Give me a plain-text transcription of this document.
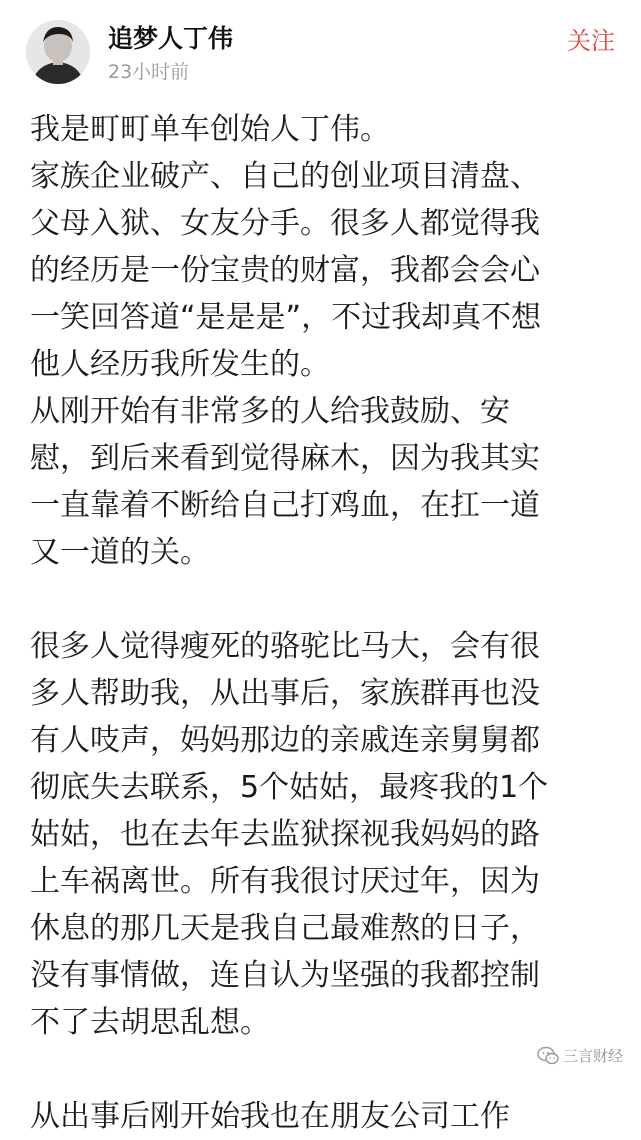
追梦人丁伟
23小时前
关注
我是町町单车创始人丁伟。
家族企业破产、自己的创业项目清盘、
父母入狱、女友分手。很多人都觉得我
的经历是一份宝贵的财富，我都会会心
一笑回答道“是是是”，不过我却真不想
他人经历我所发生的。
从刚开始有非常多的人给我鼓励、安
慰，到后来看到觉得麻木，因为我其实
一直靠着不断给自己打鸡血，在扛一道
又一道的关。
很多人觉得瘦死的骆驼比马大，会有很
多人帮助我，从出事后，家族群再也没
有人吱声，妈妈那边的亲戚连亲舅舅都
彻底失去联系，5个姑姑，最疼我的1个
姑姑，也在去年去监狱探视我妈妈的路
上车祸离世。所有我很讨厌过年，因为
休息的那几天是我自己最难熬的日子，
没有事情做，连自认为坚强的我都控制
不了去胡思乱想。
从出事后刚开始我也在朋友公司工作
三言财经
